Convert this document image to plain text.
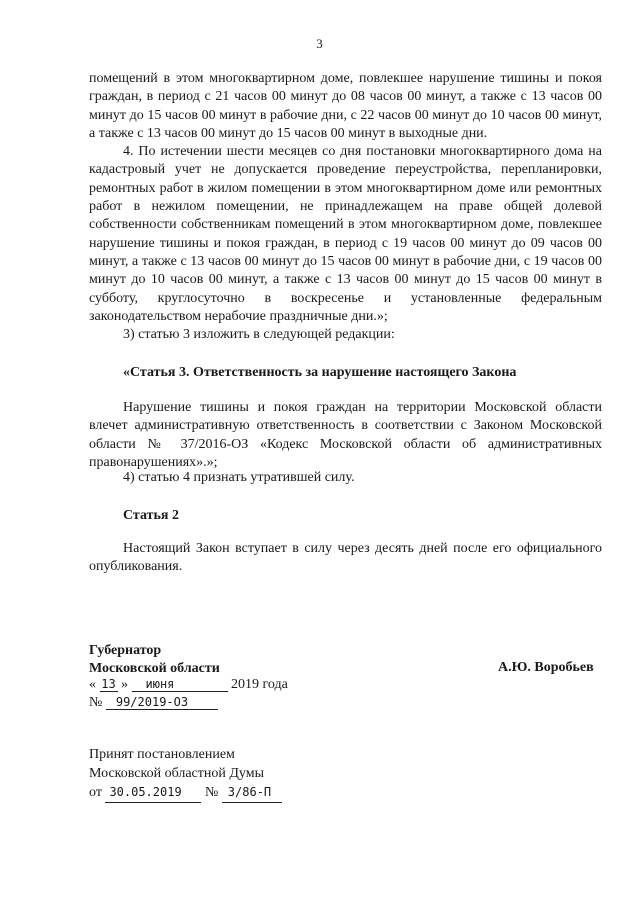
3

помещений в этом многоквартирном доме, повлекшее нарушение тишины и покоя граждан, в период с 21 часов 00 минут до 08 часов 00 минут, а также с 13 часов 00 минут до 15 часов 00 минут в рабочие дни, с 22 часов 00 минут до 10 часов 00 минут, а также с 13 часов 00 минут до 15 часов 00 минут в выходные дни.

4. По истечении шести месяцев со дня постановки многоквартирного дома на кадастровый учет не допускается проведение переустройства, перепланировки, ремонтных работ в жилом помещении в этом многоквартирном доме или ремонтных работ в нежилом помещении, не принадлежащем на праве общей долевой собственности собственникам помещений в этом многоквартирном доме, повлекшее нарушение тишины и покоя граждан, в период с 19 часов 00 минут до 09 часов 00 минут, а также с 13 часов 00 минут до 15 часов 00 минут в рабочие дни, с 19 часов 00 минут до 10 часов 00 минут, а также с 13 часов 00 минут до 15 часов 00 минут в субботу, круглосуточно в воскресенье и установленные федеральным законодательством нерабочие праздничные дни.»;

3) статью 3 изложить в следующей редакции:

«Статья 3. Ответственность за нарушение настоящего Закона

Нарушение тишины и покоя граждан на территории Московской области влечет административную ответственность в соответствии с Законом Московской области № 37/2016-ОЗ «Кодекс Московской области об административных правонарушениях».»;

4) статью 4 признать утратившей силу.

Статья 2

Настоящий Закон вступает в силу через десять дней после его официального опубликования.

Губернатор
Московской области	А.Ю. Воробьев
« 13 » июня	2019 года
№ 99/2019-ОЗ

Принят постановлением

Московской областной Думы

от 30.05.2019 № 3/86-П
